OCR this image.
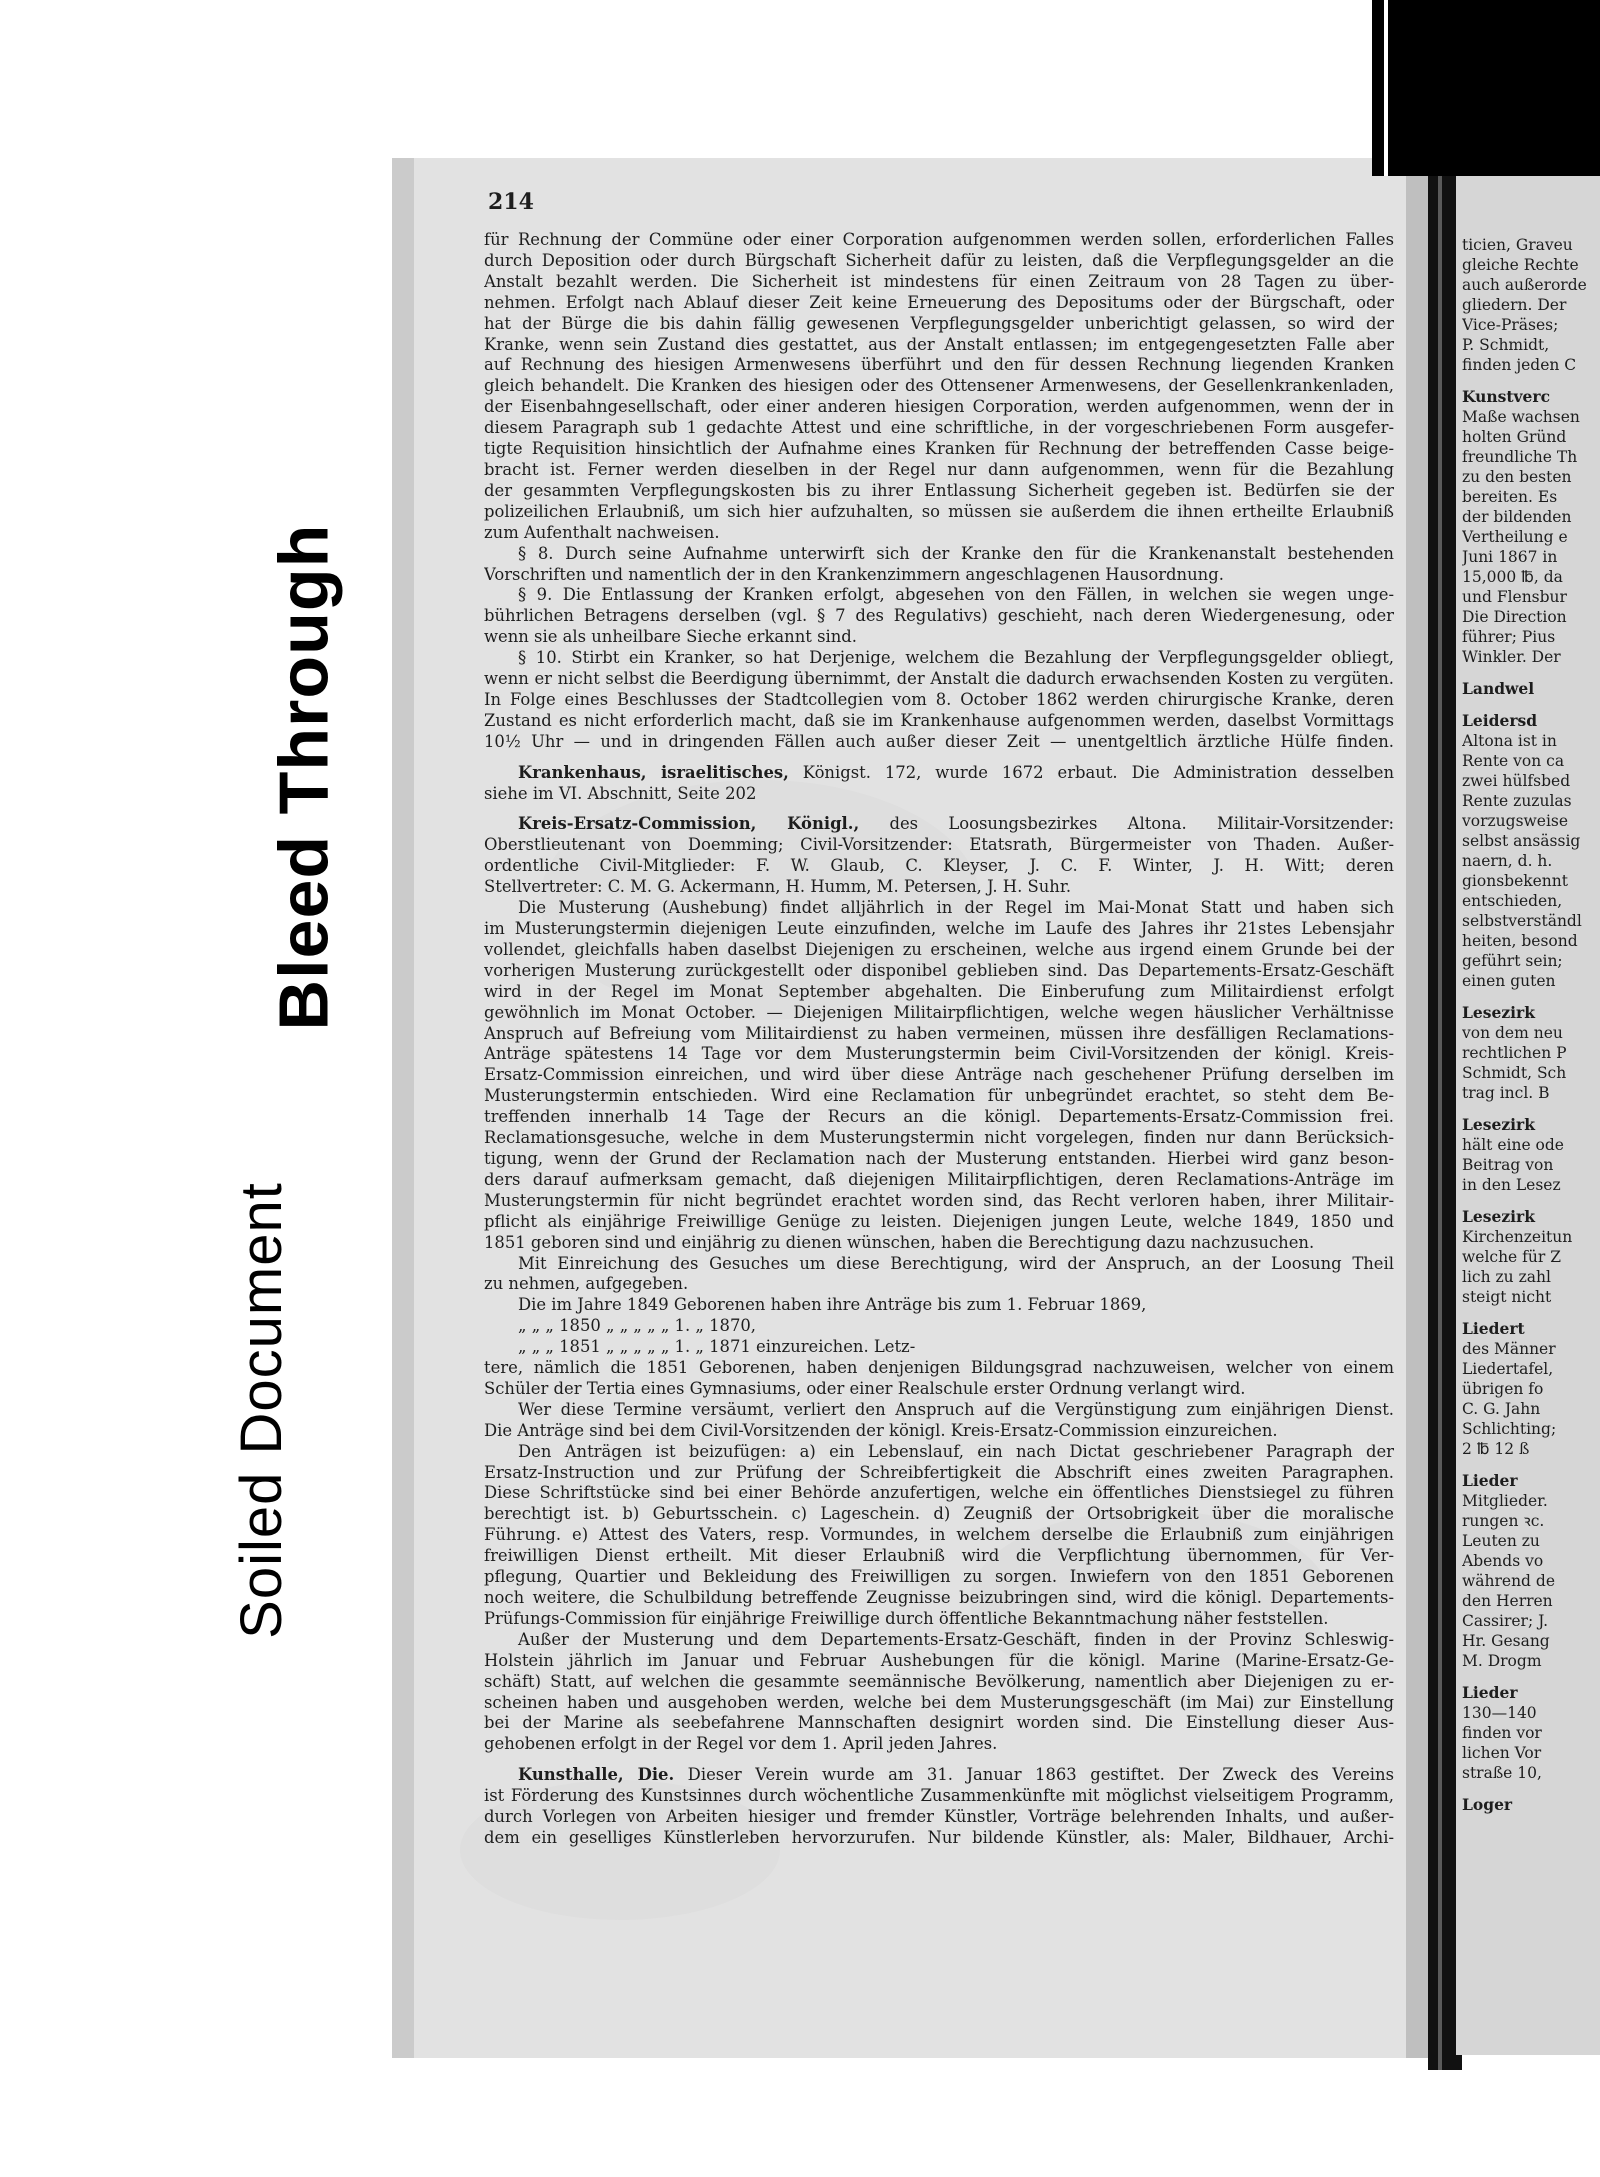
Soiled Document
Bleed Through
214
für Rechnung der Commüne oder einer Corporation aufgenommen werden sollen, erforderlichen Falles
durch Deposition oder durch Bürgschaft Sicherheit dafür zu leisten, daß die Verpflegungsgelder an die
Anstalt bezahlt werden. Die Sicherheit ist mindestens für einen Zeitraum von 28 Tagen zu über-
nehmen. Erfolgt nach Ablauf dieser Zeit keine Erneuerung des Depositums oder der Bürgschaft, oder
hat der Bürge die bis dahin fällig gewesenen Verpflegungsgelder unberichtigt gelassen, so wird der
Kranke, wenn sein Zustand dies gestattet, aus der Anstalt entlassen; im entgegengesetzten Falle aber
auf Rechnung des hiesigen Armenwesens überführt und den für dessen Rechnung liegenden Kranken
gleich behandelt. Die Kranken des hiesigen oder des Ottensener Armenwesens, der Gesellenkrankenladen,
der Eisenbahngesellschaft, oder einer anderen hiesigen Corporation, werden aufgenommen, wenn der in
diesem Paragraph sub 1 gedachte Attest und eine schriftliche, in der vorgeschriebenen Form ausgefer-
tigte Requisition hinsichtlich der Aufnahme eines Kranken für Rechnung der betreffenden Casse beige-
bracht ist. Ferner werden dieselben in der Regel nur dann aufgenommen, wenn für die Bezahlung
der gesammten Verpflegungskosten bis zu ihrer Entlassung Sicherheit gegeben ist. Bedürfen sie der
polizeilichen Erlaubniß, um sich hier aufzuhalten, so müssen sie außerdem die ihnen ertheilte Erlaubniß
zum Aufenthalt nachweisen.
§ 8. Durch seine Aufnahme unterwirft sich der Kranke den für die Krankenanstalt bestehenden
Vorschriften und namentlich der in den Krankenzimmern angeschlagenen Hausordnung.
§ 9. Die Entlassung der Kranken erfolgt, abgesehen von den Fällen, in welchen sie wegen unge-
bührlichen Betragens derselben (vgl. § 7 des Regulativs) geschieht, nach deren Wiedergenesung, oder
wenn sie als unheilbare Sieche erkannt sind.
§ 10. Stirbt ein Kranker, so hat Derjenige, welchem die Bezahlung der Verpflegungsgelder obliegt,
wenn er nicht selbst die Beerdigung übernimmt, der Anstalt die dadurch erwachsenden Kosten zu vergüten.
In Folge eines Beschlusses der Stadtcollegien vom 8. October 1862 werden chirurgische Kranke, deren
Zustand es nicht erforderlich macht, daß sie im Krankenhause aufgenommen werden, daselbst Vormittags
10½ Uhr — und in dringenden Fällen auch außer dieser Zeit — unentgeltlich ärztliche Hülfe finden.
Krankenhaus, israelitisches, Königst. 172, wurde 1672 erbaut. Die Administration desselben
siehe im VI. Abschnitt, Seite 202
Kreis-Ersatz-Commission, Königl., des Loosungsbezirkes Altona. Militair-Vorsitzender:
Oberstlieutenant von Doemming; Civil-Vorsitzender: Etatsrath, Bürgermeister von Thaden. Außer-
ordentliche Civil-Mitglieder: F. W. Glaub, C. Kleyser, J. C. F. Winter, J. H. Witt; deren
Stellvertreter: C. M. G. Ackermann, H. Humm, M. Petersen, J. H. Suhr.
Die Musterung (Aushebung) findet alljährlich in der Regel im Mai-Monat Statt und haben sich
im Musterungstermin diejenigen Leute einzufinden, welche im Laufe des Jahres ihr 21stes Lebensjahr
vollendet, gleichfalls haben daselbst Diejenigen zu erscheinen, welche aus irgend einem Grunde bei der
vorherigen Musterung zurückgestellt oder disponibel geblieben sind. Das Departements-Ersatz-Geschäft
wird in der Regel im Monat September abgehalten. Die Einberufung zum Militairdienst erfolgt
gewöhnlich im Monat October. — Diejenigen Militairpflichtigen, welche wegen häuslicher Verhältnisse
Anspruch auf Befreiung vom Militairdienst zu haben vermeinen, müssen ihre desfälligen Reclamations-
Anträge spätestens 14 Tage vor dem Musterungstermin beim Civil-Vorsitzenden der königl. Kreis-
Ersatz-Commission einreichen, und wird über diese Anträge nach geschehener Prüfung derselben im
Musterungstermin entschieden. Wird eine Reclamation für unbegründet erachtet, so steht dem Be-
treffenden innerhalb 14 Tage der Recurs an die königl. Departements-Ersatz-Commission frei.
Reclamationsgesuche, welche in dem Musterungstermin nicht vorgelegen, finden nur dann Berücksich-
tigung, wenn der Grund der Reclamation nach der Musterung entstanden. Hierbei wird ganz beson-
ders darauf aufmerksam gemacht, daß diejenigen Militairpflichtigen, deren Reclamations-Anträge im
Musterungstermin für nicht begründet erachtet worden sind, das Recht verloren haben, ihrer Militair-
pflicht als einjährige Freiwillige Genüge zu leisten. Diejenigen jungen Leute, welche 1849, 1850 und
1851 geboren sind und einjährig zu dienen wünschen, haben die Berechtigung dazu nachzusuchen.
Mit Einreichung des Gesuches um diese Berechtigung, wird der Anspruch, an der Loosung Theil
zu nehmen, aufgegeben.
Die im Jahre 1849 Geborenen haben ihre Anträge bis zum 1. Februar 1869,
„ „ „ 1850 „ „ „ „ „ 1. „ 1870,
„ „ „ 1851 „ „ „ „ „ 1. „ 1871 einzureichen. Letz-
tere, nämlich die 1851 Geborenen, haben denjenigen Bildungsgrad nachzuweisen, welcher von einem
Schüler der Tertia eines Gymnasiums, oder einer Realschule erster Ordnung verlangt wird.
Wer diese Termine versäumt, verliert den Anspruch auf die Vergünstigung zum einjährigen Dienst.
Die Anträge sind bei dem Civil-Vorsitzenden der königl. Kreis-Ersatz-Commission einzureichen.
Den Anträgen ist beizufügen: a) ein Lebenslauf, ein nach Dictat geschriebener Paragraph der
Ersatz-Instruction und zur Prüfung der Schreibfertigkeit die Abschrift eines zweiten Paragraphen.
Diese Schriftstücke sind bei einer Behörde anzufertigen, welche ein öffentliches Dienstsiegel zu führen
berechtigt ist. b) Geburtsschein. c) Lageschein. d) Zeugniß der Ortsobrigkeit über die moralische
Führung. e) Attest des Vaters, resp. Vormundes, in welchem derselbe die Erlaubniß zum einjährigen
freiwilligen Dienst ertheilt. Mit dieser Erlaubniß wird die Verpflichtung übernommen, für Ver-
pflegung, Quartier und Bekleidung des Freiwilligen zu sorgen. Inwiefern von den 1851 Geborenen
noch weitere, die Schulbildung betreffende Zeugnisse beizubringen sind, wird die königl. Departements-
Prüfungs-Commission für einjährige Freiwillige durch öffentliche Bekanntmachung näher feststellen.
Außer der Musterung und dem Departements-Ersatz-Geschäft, finden in der Provinz Schleswig-
Holstein jährlich im Januar und Februar Aushebungen für die königl. Marine (Marine-Ersatz-Ge-
schäft) Statt, auf welchen die gesammte seemännische Bevölkerung, namentlich aber Diejenigen zu er-
scheinen haben und ausgehoben werden, welche bei dem Musterungsgeschäft (im Mai) zur Einstellung
bei der Marine als seebefahrene Mannschaften designirt worden sind. Die Einstellung dieser Aus-
gehobenen erfolgt in der Regel vor dem 1. April jeden Jahres.
Kunsthalle, Die. Dieser Verein wurde am 31. Januar 1863 gestiftet. Der Zweck des Vereins
ist Förderung des Kunstsinnes durch wöchentliche Zusammenkünfte mit möglichst vielseitigem Programm,
durch Vorlegen von Arbeiten hiesiger und fremder Künstler, Vorträge belehrenden Inhalts, und außer-
dem ein geselliges Künstlerleben hervorzurufen. Nur bildende Künstler, als: Maler, Bildhauer, Archi-
ticien, Graveu
gleiche Rechte
auch außerorde
gliedern. Der
Vice-Präses;
P. Schmidt,
finden jeden C
Kunstverc
Maße wachsen
holten Gründ
freundliche Th
zu den besten
bereiten. Es
der bildenden
Vertheilung e
Juni 1867 in
15,000 ℔, da
und Flensbur
Die Direction
führer; Pius
Winkler. Der
Landwel
Leidersd
Altona ist in
Rente von ca
zwei hülfsbed
Rente zuzulas
vorzugsweise
selbst ansässig
naern, d. h.
gionsbekennt
entschieden,
selbstverständl
heiten, besond
geführt sein;
einen guten
Lesezirk
von dem neu
rechtlichen P
Schmidt, Sch
trag incl. B
Lesezirk
hält eine ode
Beitrag von
in den Lesez
Lesezirk
Kirchenzeitun
welche für Z
lich zu zahl
steigt nicht
Liedert
des Männer
Liedertafel,
übrigen fo
C. G. Jahn
Schlichting;
2 ℔ 12 ß
Lieder
Mitglieder.
rungen ꝛc.
Leuten zu
Abends vo
während de
den Herren
Cassirer; J.
Hr. Gesang
M. Drogm
Lieder
130—140
finden vor
lichen Vor
straße 10,
Loger
